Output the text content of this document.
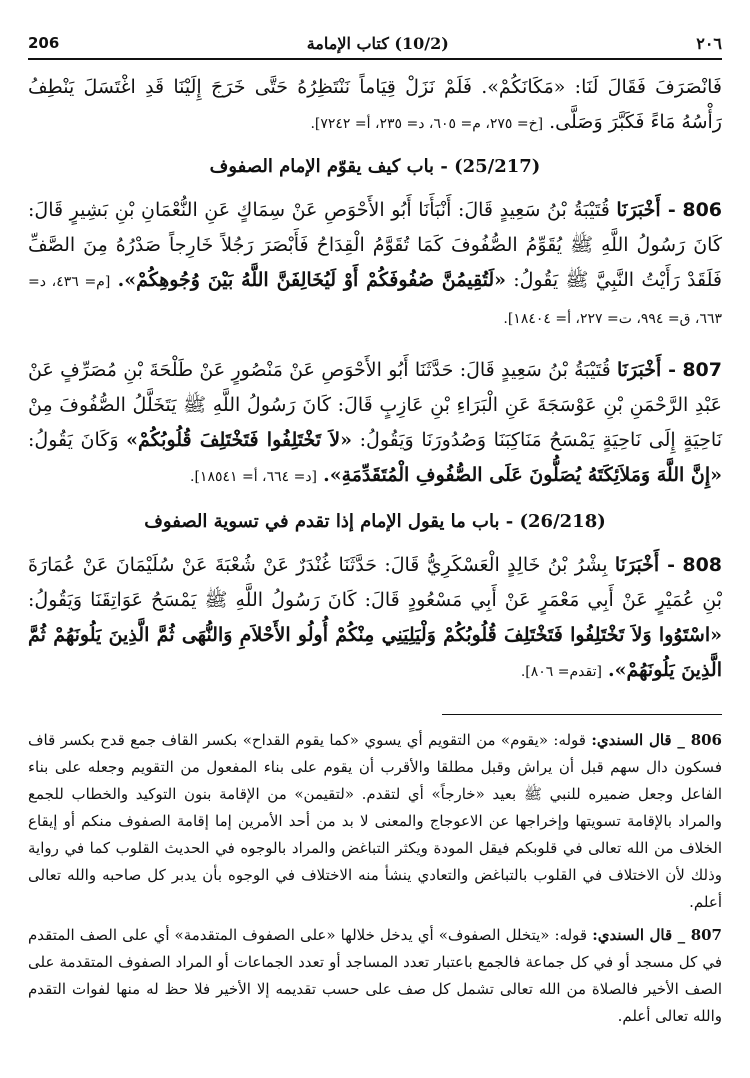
206	(10/2) كتاب الإمامة	٢٠٦

فَانْصَرَفَ فَقَالَ لَنَا: «مَكَانَكُمْ». فَلَمْ نَزَلْ قِيَاماً نَنْتَظِرُهُ حَتَّى خَرَجَ إِلَيْنَا قَدِ اغْتَسَلَ يَنْطِفُ رَأْسُهُ مَاءً فَكَبَّرَ وَصَلَّى. [خ= ٢٧٥، م= ٦٠٥، د= ٢٣٥، أ= ٧٢٤٢].

(25/217) - باب كيف يقوّم الإمام الصفوف

806 - أَخْبَرَنَا قُتَيْبَةُ بْنُ سَعِيدٍ قَالَ: أَنْبَأَنَا أَبُو الأَحْوَصِ عَنْ سِمَاكٍ عَنِ النُّعْمَانِ بْنِ بَشِيرٍ قَالَ: كَانَ رَسُولُ اللَّهِ ﷺ يُقَوِّمُ الصُّفُوفَ كَمَا تُقَوَّمُ الْقِدَاحُ فَأَبْصَرَ رَجُلاً خَارِجاً صَدْرُهُ مِنَ الصَّفِّ فَلَقَدْ رَأَيْتُ النَّبِيَّ ﷺ يَقُولُ: «لَتُقِيمُنَّ صُفُوفَكُمْ أَوْ لَيُخَالِفَنَّ اللَّهُ بَيْنَ وُجُوهِكُمْ». [م= ٤٣٦، د= ٦٦٣، ق= ٩٩٤، ت= ٢٢٧، أ= ١٨٤٠٤].

807 - أَخْبَرَنَا قُتَيْبَةُ بْنُ سَعِيدٍ قَالَ: حَدَّثَنَا أَبُو الأَحْوَصِ عَنْ مَنْصُورٍ عَنْ طَلْحَةَ بْنِ مُصَرِّفٍ عَنْ عَبْدِ الرَّحْمَنِ بْنِ عَوْسَجَةَ عَنِ الْبَرَاءِ بْنِ عَازِبٍ قَالَ: كَانَ رَسُولُ اللَّهِ ﷺ يَتَخَلَّلُ الصُّفُوفَ مِنْ نَاحِيَةٍ إِلَى نَاحِيَةٍ يَمْسَحُ مَنَاكِبَنَا وَصُدُورَنَا وَيَقُولُ: «لاَ تَخْتَلِفُوا فَتَخْتَلِفَ قُلُوبُكُمْ» وَكَانَ يَقُولُ: «إِنَّ اللَّهَ وَمَلاَئِكَتَهُ يُصَلُّونَ عَلَى الصُّفُوفِ الْمُتَقَدِّمَةِ». [د= ٦٦٤، أ= ١٨٥٤١].

(26/218) - باب ما يقول الإمام إذا تقدم في تسوية الصفوف

808 - أَخْبَرَنَا بِشْرُ بْنُ خَالِدٍ الْعَسْكَرِيُّ قَالَ: حَدَّثَنَا غُنْدَرٌ عَنْ شُعْبَةَ عَنْ سُلَيْمَانَ عَنْ عُمَارَةَ بْنِ عُمَيْرٍ عَنْ أَبِي مَعْمَرٍ عَنْ أَبِي مَسْعُودٍ قَالَ: كَانَ رَسُولُ اللَّهِ ﷺ يَمْسَحُ عَوَاتِقَنَا وَيَقُولُ: «اسْتَوُوا وَلاَ تَخْتَلِفُوا فَتَخْتَلِفَ قُلُوبُكُمْ وَلْيَلِيَنِي مِنْكُمْ أُولُو الأَحْلاَمِ وَالنُّهَى ثُمَّ الَّذِينَ يَلُونَهُمْ ثُمَّ الَّذِينَ يَلُونَهُمْ». [تقدم= ٨٠٦].

806 _ قال السندي: قوله: «يقوم» من التقويم أي يسوي «كما يقوم القداح» بكسر القاف جمع قدح بكسر قاف فسكون دال سهم قبل أن يراش وقبل مطلقا والأقرب أن يقوم على بناء المفعول من التقويم وجعله على بناء الفاعل وجعل ضميره للنبي ﷺ بعيد «خارجاً» أي لتقدم. «لتقيمن» من الإقامة بنون التوكيد والخطاب للجمع والمراد بالإقامة تسويتها وإخراجها عن الاعوجاج والمعنى لا بد من أحد الأمرين إما إقامة الصفوف منكم أو إيقاع الخلاف من الله تعالى في قلوبكم فيقل المودة ويكثر التباغض والمراد بالوجوه في الحديث القلوب كما في رواية وذلك لأن الاختلاف في القلوب بالتباغض والتعادي ينشأ منه الاختلاف في الوجوه بأن يدبر كل صاحبه والله تعالى أعلم.

807 _ قال السندي: قوله: «يتخلل الصفوف» أي يدخل خلالها «على الصفوف المتقدمة» أي على الصف المتقدم في كل مسجد أو في كل جماعة فالجمع باعتبار تعدد المساجد أو تعدد الجماعات أو المراد الصفوف المتقدمة على الصف الأخير فالصلاة من الله تعالى تشمل كل صف على حسب تقديمه إلا الأخير فلا حظ له منها لفوات التقدم والله تعالى أعلم.
